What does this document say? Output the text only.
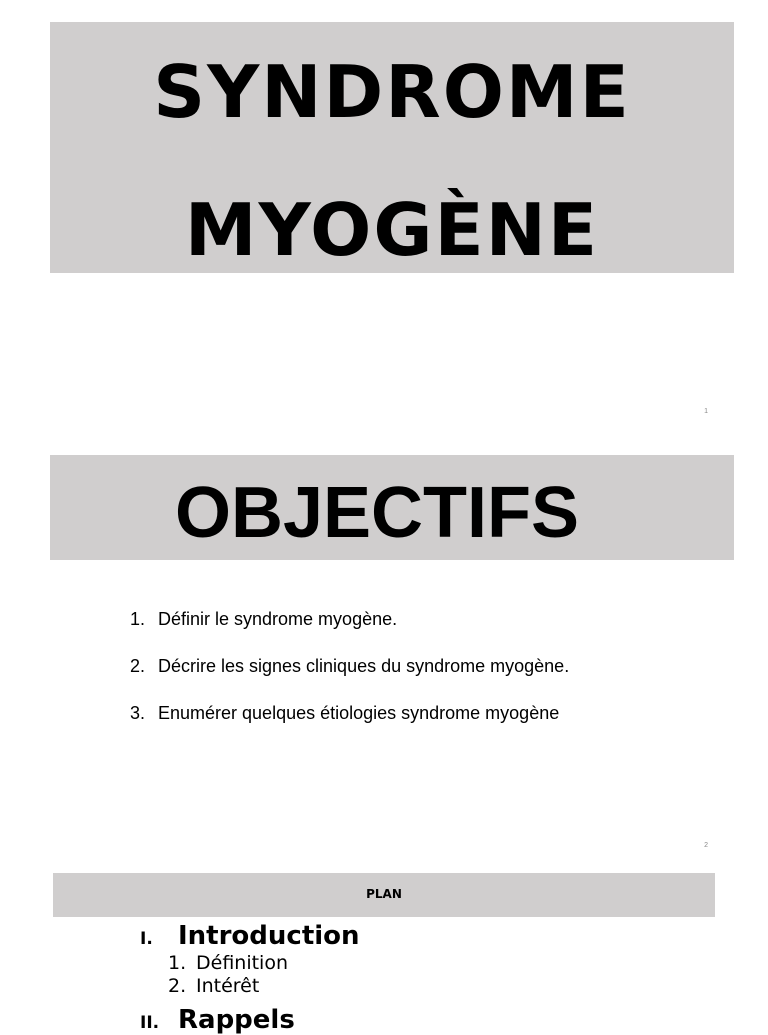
SYNDROME
MYOGÈNE
1
OBJECTIFS
1. Définir le syndrome myogène.
2. Décrire les signes cliniques du syndrome myogène.
3. Enumérer quelques étiologies syndrome myogène
2
PLAN
I. Introduction
1. Définition
2. Intérêt
II. Rappels
